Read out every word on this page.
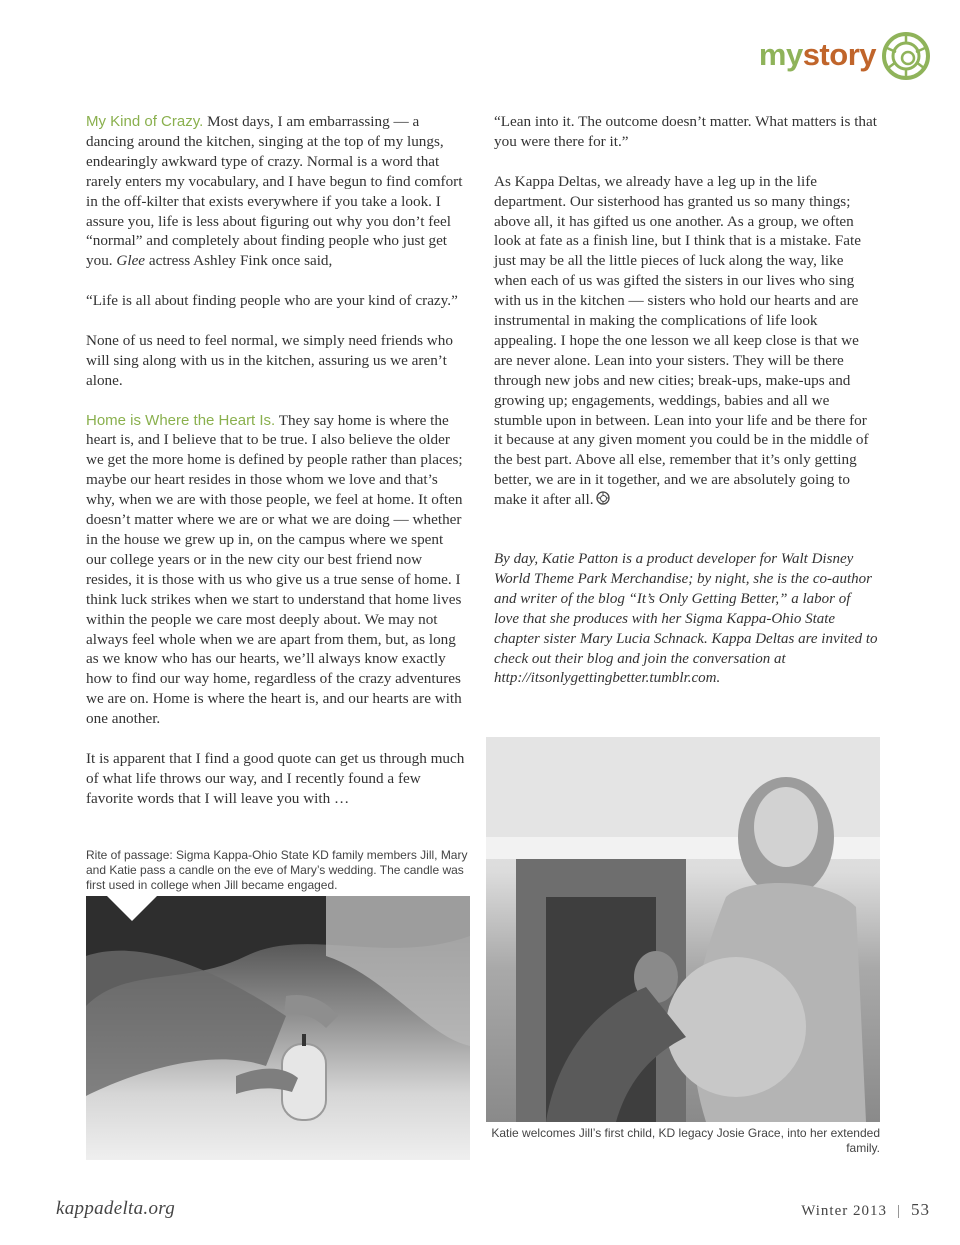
mystory

My Kind of Crazy. Most days, I am embarrassing — a dancing around the kitchen, singing at the top of my lungs, endearingly awkward type of crazy. Normal is a word that rarely enters my vocabulary, and I have begun to find comfort in the off-kilter that exists everywhere if you take a look. I assure you, life is less about figuring out why you don’t feel “normal” and completely about finding people who just get you. Glee actress Ashley Fink once said,

“Life is all about finding people who are your kind of crazy.”

None of us need to feel normal, we simply need friends who will sing along with us in the kitchen, assuring us we aren’t alone.

Home is Where the Heart Is. They say home is where the heart is, and I believe that to be true. I also believe the older we get the more home is defined by people rather than places; maybe our heart resides in those whom we love and that’s why, when we are with those people, we feel at home. It often doesn’t matter where we are or what we are doing — whether in the house we grew up in, on the campus where we spent our college years or in the new city our best friend now resides, it is those with us who give us a true sense of home. I think luck strikes when we start to understand that home lives within the people we care most deeply about. We may not always feel whole when we are apart from them, but, as long as we know who has our hearts, we’ll always know exactly how to find our way home, regardless of the crazy adventures we are on. Home is where the heart is, and our hearts are with one another.

It is apparent that I find a good quote can get us through much of what life throws our way, and I recently found a few favorite words that I will leave you with …

“Lean into it. The outcome doesn’t matter. What matters is that you were there for it.”

As Kappa Deltas, we already have a leg up in the life department. Our sisterhood has granted us so many things; above all, it has gifted us one another. As a group, we often look at fate as a finish line, but I think that is a mistake. Fate just may be all the little pieces of luck along the way, like when each of us was gifted the sisters in our lives who sing with us in the kitchen — sisters who hold our hearts and are instrumental in making the complications of life look appealing. I hope the one lesson we all keep close is that we are never alone. Lean into your sisters. They will be there through new jobs and new cities; break-ups, make-ups and growing up; engagements, weddings, babies and all we stumble upon in between. Lean into your life and be there for it because at any given moment you could be in the middle of the best part. Above all else, remember that it’s only getting better, we are in it together, and we are absolutely going to make it after all.

By day, Katie Patton is a product developer for Walt Disney World Theme Park Merchandise; by night, she is the co-author and writer of the blog “It’s Only Getting Better,” a labor of love that she produces with her Sigma Kappa-Ohio State chapter sister Mary Lucia Schnack. Kappa Deltas are invited to check out their blog and join the conversation at http://itsonlygettingbetter.tumblr.com.

Rite of passage: Sigma Kappa-Ohio State KD family members Jill, Mary and Katie pass a candle on the eve of Mary’s wedding. The candle was first used in college when Jill became engaged.

Katie welcomes Jill’s first child, KD legacy Josie Grace, into her extended family.

kappadelta.org	Winter 2013 | 53
